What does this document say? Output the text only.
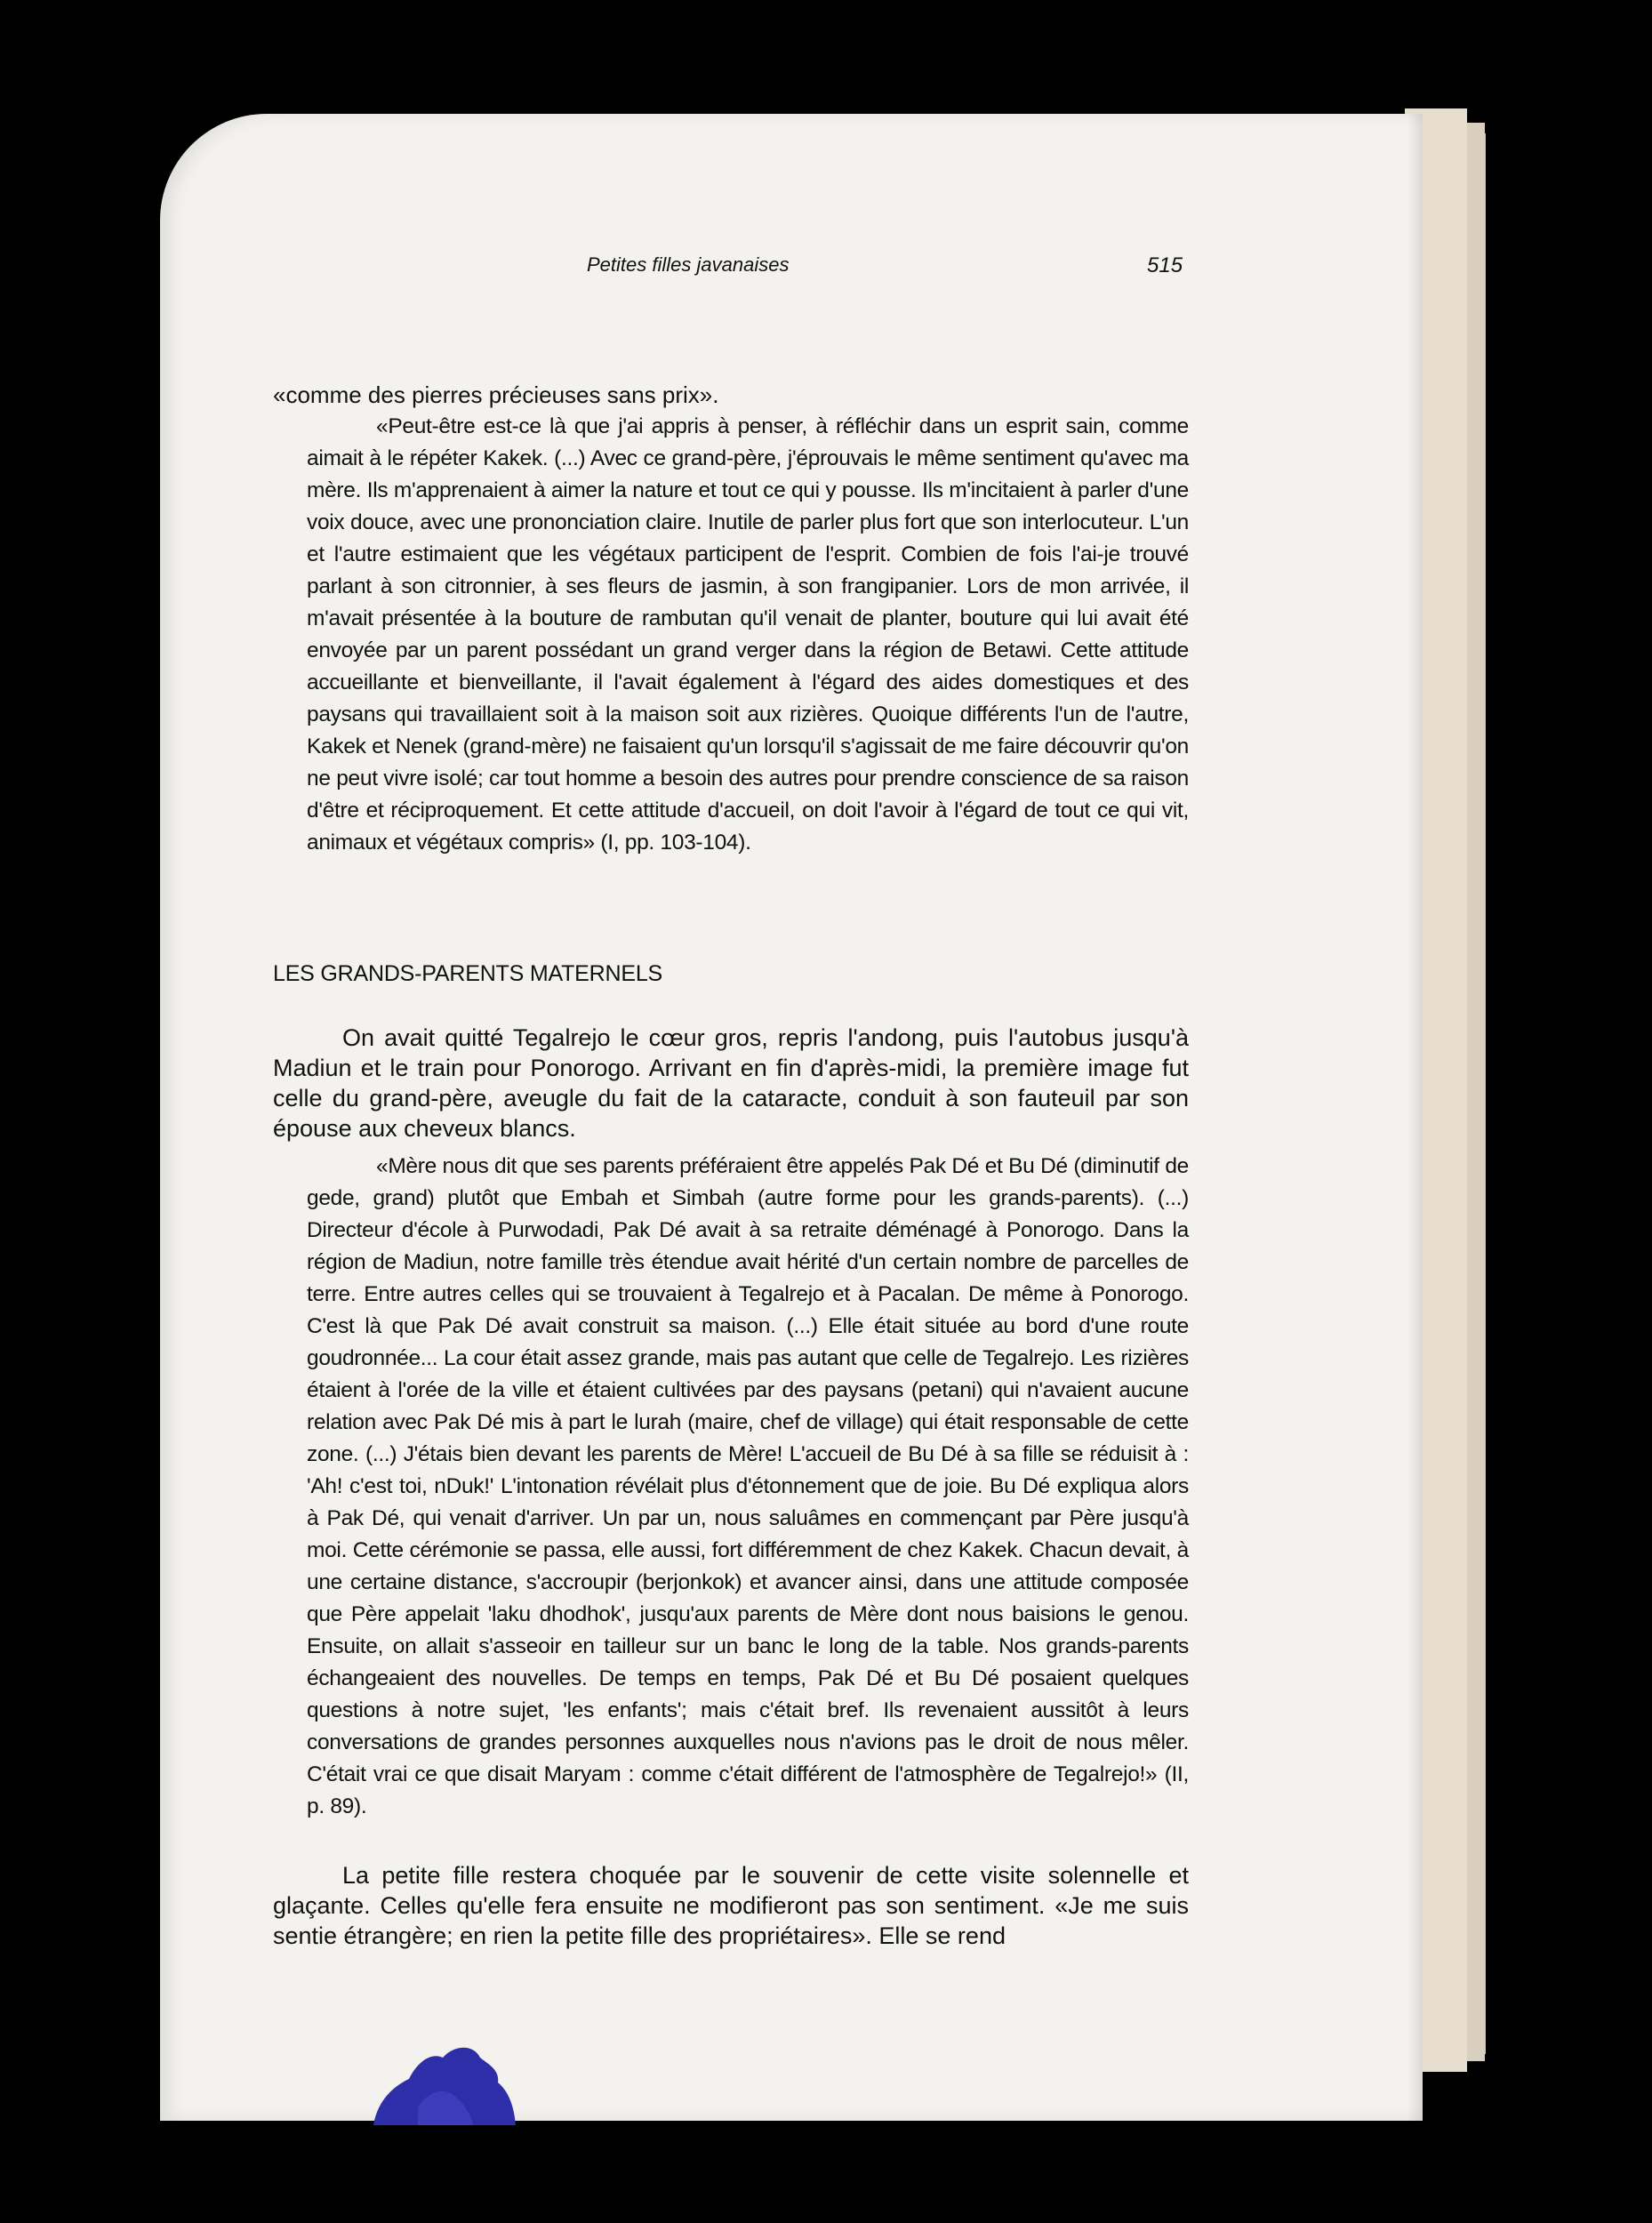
Petites filles javanaises	515
«comme des pierres précieuses sans prix».

«Peut-être est-ce là que j'ai appris à penser, à réfléchir dans un esprit sain, comme aimait à le répéter Kakek. (...) Avec ce grand-père, j'éprouvais le même sentiment qu'avec ma mère. Ils m'apprenaient à aimer la nature et tout ce qui y pousse. Ils m'incitaient à parler d'une voix douce, avec une prononciation claire. Inutile de parler plus fort que son interlocuteur. L'un et l'autre estimaient que les végétaux participent de l'esprit. Combien de fois l'ai-je trouvé parlant à son citronnier, à ses fleurs de jasmin, à son frangipanier. Lors de mon arrivée, il m'avait présentée à la bouture de rambutan qu'il venait de planter, bouture qui lui avait été envoyée par un parent possédant un grand verger dans la région de Betawi. Cette attitude accueillante et bienveillante, il l'avait également à l'égard des aides domestiques et des paysans qui travaillaient soit à la maison soit aux rizières. Quoique différents l'un de l'autre, Kakek et Nenek (grand-mère) ne faisaient qu'un lorsqu'il s'agissait de me faire découvrir qu'on ne peut vivre isolé; car tout homme a besoin des autres pour prendre conscience de sa raison d'être et réciproquement. Et cette attitude d'accueil, on doit l'avoir à l'égard de tout ce qui vit, animaux et végétaux compris» (I, pp. 103-104).

LES GRANDS-PARENTS MATERNELS

On avait quitté Tegalrejo le cœur gros, repris l'andong, puis l'autobus jusqu'à Madiun et le train pour Ponorogo. Arrivant en fin d'après-midi, la première image fut celle du grand-père, aveugle du fait de la cataracte, conduit à son fauteuil par son épouse aux cheveux blancs.

«Mère nous dit que ses parents préféraient être appelés Pak Dé et Bu Dé (diminutif de gede, grand) plutôt que Embah et Simbah (autre forme pour les grands-parents). (...) Directeur d'école à Purwodadi, Pak Dé avait à sa retraite déménagé à Ponorogo. Dans la région de Madiun, notre famille très étendue avait hérité d'un certain nombre de parcelles de terre. Entre autres celles qui se trouvaient à Tegalrejo et à Pacalan. De même à Ponorogo. C'est là que Pak Dé avait construit sa maison. (...) Elle était située au bord d'une route goudronnée... La cour était assez grande, mais pas autant que celle de Tegalrejo. Les rizières étaient à l'orée de la ville et étaient cultivées par des paysans (petani) qui n'avaient aucune relation avec Pak Dé mis à part le lurah (maire, chef de village) qui était responsable de cette zone. (...) J'étais bien devant les parents de Mère! L'accueil de Bu Dé à sa fille se réduisit à : 'Ah! c'est toi, nDuk!' L'intonation révélait plus d'étonnement que de joie. Bu Dé expliqua alors à Pak Dé, qui venait d'arriver. Un par un, nous saluâmes en commençant par Père jusqu'à moi. Cette cérémonie se passa, elle aussi, fort différemment de chez Kakek. Chacun devait, à une certaine distance, s'accroupir (berjonkok) et avancer ainsi, dans une attitude composée que Père appelait 'laku dhodhok', jusqu'aux parents de Mère dont nous baisions le genou. Ensuite, on allait s'asseoir en tailleur sur un banc le long de la table. Nos grands-parents échangeaient des nouvelles. De temps en temps, Pak Dé et Bu Dé posaient quelques questions à notre sujet, 'les enfants'; mais c'était bref. Ils revenaient aussitôt à leurs conversations de grandes personnes auxquelles nous n'avions pas le droit de nous mêler. C'était vrai ce que disait Maryam : comme c'était différent de l'atmosphère de Tegalrejo!» (II, p. 89).

La petite fille restera choquée par le souvenir de cette visite solennelle et glaçante. Celles qu'elle fera ensuite ne modifieront pas son sentiment. «Je me suis sentie étrangère; en rien la petite fille des propriétaires». Elle se rend
